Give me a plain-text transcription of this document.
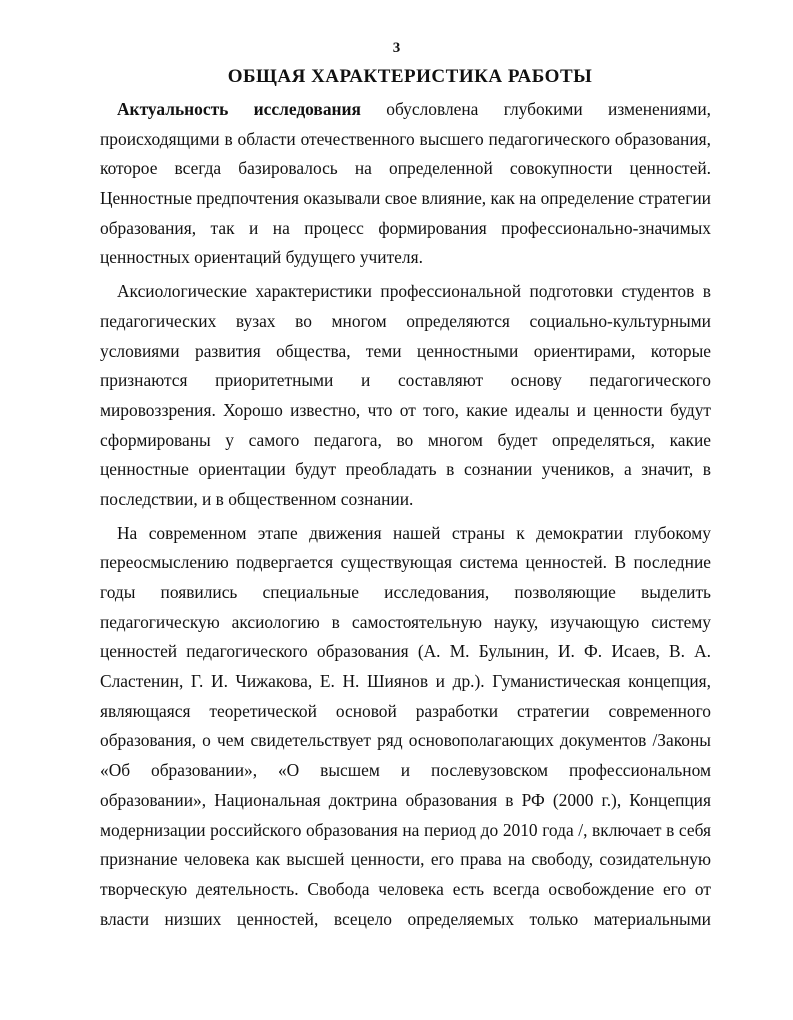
3
ОБЩАЯ ХАРАКТЕРИСТИКА РАБОТЫ

Актуальность исследования обусловлена глубокими изменениями,
происходящими в области отечественного высшего педагогического образования,
которое всегда базировалось на определенной совокупности ценностей.
Ценностные предпочтения оказывали свое влияние, как на определение стратегии
образования, так и на процесс формирования профессионально-значимых
ценностных ориентаций будущего учителя.

Аксиологические характеристики профессиональной подготовки студентов в
педагогических вузах во многом определяются социально-культурными
условиями развития общества, теми ценностными ориентирами, которые
признаются приоритетными и составляют основу педагогического
мировоззрения. Хорошо известно, что от того, какие идеалы и ценности будут
сформированы у самого педагога, во многом будет определяться, какие
ценностные ориентации будут преобладать в сознании учеников, а значит, в
последствии, и в общественном сознании.

На современном этапе движения нашей страны к демократии глубокому
переосмыслению подвергается существующая система ценностей. В последние
годы появились специальные исследования, позволяющие выделить
педагогическую аксиологию в самостоятельную науку, изучающую систему
ценностей педагогического образования (А. М. Булынин, И. Ф. Исаев, В. А.
Сластенин, Г. И. Чижакова, Е. Н. Шиянов и др.). Гуманистическая концепция,
являющаяся теоретической основой разработки стратегии современного
образования, о чем свидетельствует ряд основополагающих документов /Законы
«Об образовании», «О высшем и послевузовском профессиональном
образовании», Национальная доктрина образования в РФ (2000 г.), Концепция
модернизации российского образования на период до 2010 года /, включает в себя
признание человека как высшей ценности, его права на свободу, созидательную
творческую деятельность. Свобода человека есть всегда освобождение его от
власти низших ценностей, всецело определяемых только материальными
